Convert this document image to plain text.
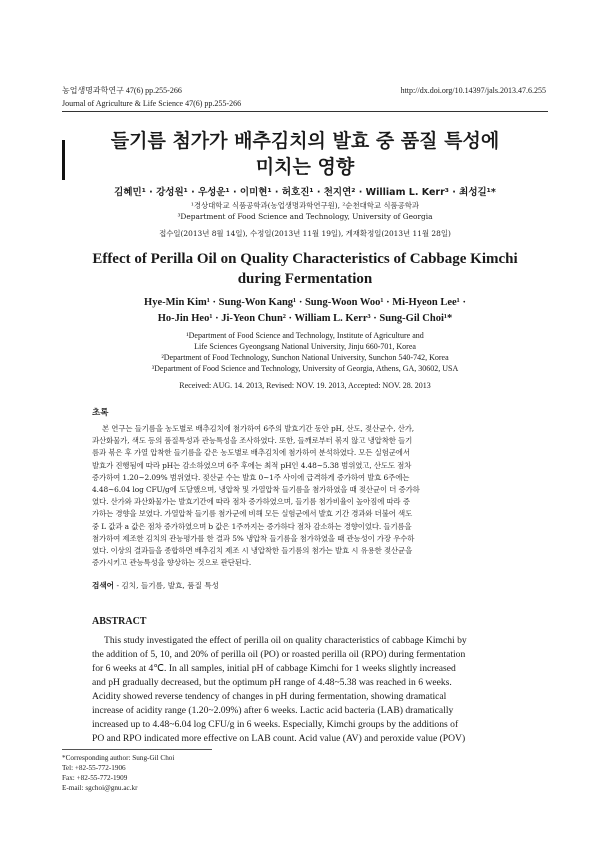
농업생명과학연구 47(6) pp.255-266	http://dx.doi.org/10.14397/jals.2013.47.6.255
Journal of Agriculture & Life Science 47(6) pp.255-266
들기름 첨가가 배추김치의 발효 중 품질 특성에
미치는 영향
김혜민¹ · 강성원¹ · 우성운¹ · 이미현¹ · 허호진¹ · 천지연² · William L. Kerr³ · 최성길¹*
¹경상대학교 식품공학과(농업생명과학연구원), ²순천대학교 식품공학과
³Department of Food Science and Technology, University of Georgia
접수일(2013년 8월 14일), 수정일(2013년 11월 19일), 게재확정일(2013년 11월 28일)
Effect of Perilla Oil on Quality Characteristics of Cabbage Kimchi
during Fermentation
Hye-Min Kim¹ · Sung-Won Kang¹ · Sung-Woon Woo¹ · Mi-Hyeon Lee¹ ·
Ho-Jin Heo¹ · Ji-Yeon Chun² · William L. Kerr³ · Sung-Gil Choi¹*
¹Department of Food Science and Technology, Institute of Agriculture and
Life Sciences Gyeongsang National University, Jinju 660-701, Korea
²Department of Food Technology, Sunchon National University, Sunchon 540-742, Korea
³Department of Food Science and Technology, University of Georgia, Athens, GA, 30602, USA
Received: AUG. 14. 2013, Revised: NOV. 19. 2013, Accepted: NOV. 28. 2013
초록
본 연구는 들기름을 농도별로 배추김치에 첨가하여 6주의 발효기간 동안 pH, 산도, 젖산균수, 산가,
과산화물가, 색도 등의 품질특성과 관능특성을 조사하였다. 또한, 들깨로부터 볶지 않고 냉압착한 들기
름과 볶은 후 가열 압착한 들기름을 같은 농도별로 배추김치에 첨가하여 분석하였다. 모든 실험군에서
발효가 진행됨에 따라 pH는 감소하였으며 6주 후에는 최적 pH인 4.48~5.38 범위였고, 산도도 점차
증가하여 1.20~2.09% 범위였다. 젖산균 수는 발효 0~1주 사이에 급격하게 증가하여 발효 6주에는
4.48~6.04 log CFU/g에 도달했으며, 냉압착 및 가열압착 들기름을 첨가하였을 때 젖산균이 더 증가하
였다. 산가와 과산화물가는 발효기간에 따라 점차 증가하였으며, 들기름 첨가비율이 높아짐에 따라 증
가하는 경향을 보였다. 가열압착 들기름 첨가군에 비해 모든 실험군에서 발효 기간 경과와 더불어 색도
중 L 값과 a 값은 점차 증가하였으며 b 값은 1주까지는 증가하다 점차 감소하는 경향이었다. 들기름을
첨가하여 제조한 김치의 관능평가를 한 결과 5% 냉압착 들기름을 첨가하였을 때 관능성이 가장 우수하
였다. 이상의 결과들을 종합하면 배추김치 제조 시 냉압착한 들기름의 첨가는 발효 시 유용한 젖산균을
증가시키고 관능특성을 향상하는 것으로 판단된다.
검색어 - 김치, 들기름, 발효, 품질 특성
ABSTRACT
This study investigated the effect of perilla oil on quality characteristics of cabbage Kimchi by
the addition of 5, 10, and 20% of perilla oil (PO) or roasted perilla oil (RPO) during fermentation
for 6 weeks at 4℃. In all samples, initial pH of cabbage Kimchi for 1 weeks slightly increased
and pH gradually decreased, but the optimum pH range of 4.48~5.38 was reached in 6 weeks.
Acidity showed reverse tendency of changes in pH during fermentation, showing dramatical
increase of acidity range (1.20~2.09%) after 6 weeks. Lactic acid bacteria (LAB) dramatically
increased up to 4.48~6.04 log CFU/g in 6 weeks. Especially, Kimchi groups by the additions of
PO and RPO indicated more effective on LAB count. Acid value (AV) and peroxide value (POV)
*Corresponding author: Sung-Gil Choi
Tel: +82-55-772-1906
Fax: +82-55-772-1909
E-mail: sgchoi@gnu.ac.kr
